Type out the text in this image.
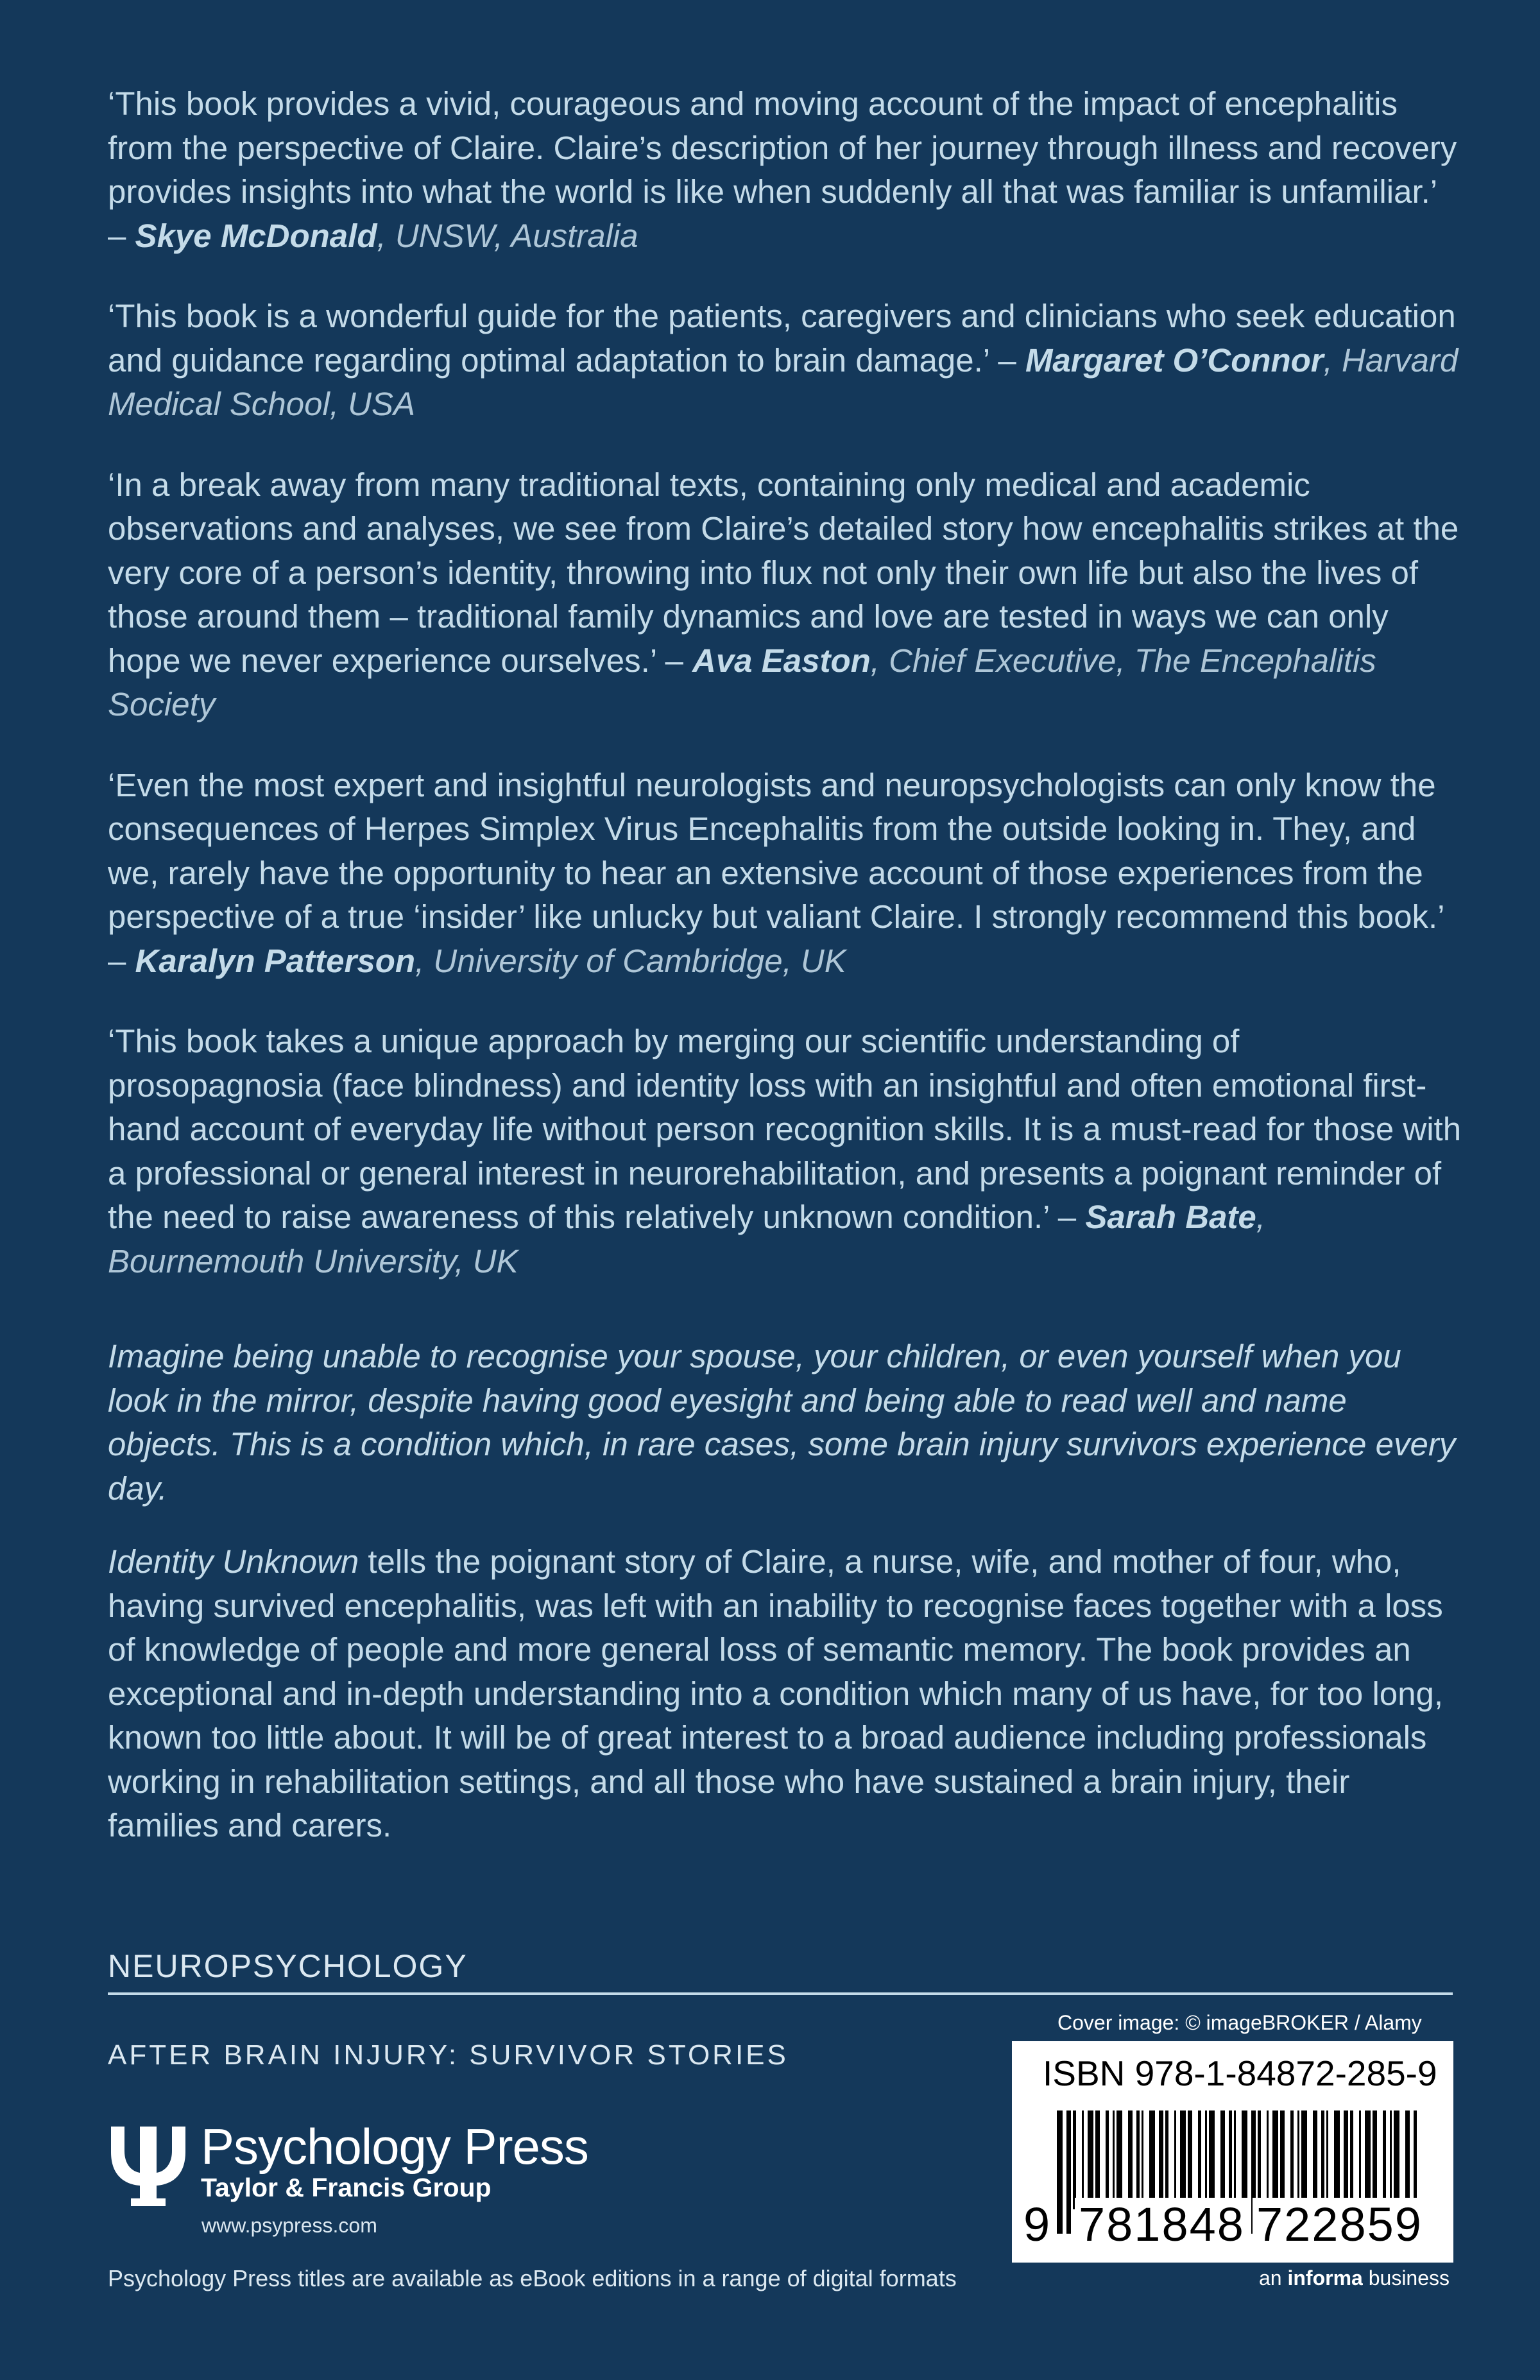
‘This book provides a vivid, courageous and moving account of the impact of encephalitis from the perspective of Claire. Claire’s description of her journey through illness and recovery provides insights into what the world is like when suddenly all that was familiar is unfamiliar.’ – Skye McDonald, UNSW, Australia

‘This book is a wonderful guide for the patients, caregivers and clinicians who seek education and guidance regarding optimal adaptation to brain damage.’ – Margaret O’Connor, Harvard Medical School, USA

‘In a break away from many traditional texts, containing only medical and academic observations and analyses, we see from Claire’s detailed story how encephalitis strikes at the very core of a person’s identity, throwing into flux not only their own life but also the lives of those around them – traditional family dynamics and love are tested in ways we can only hope we never experience ourselves.’ – Ava Easton, Chief Executive, The Encephalitis Society

‘Even the most expert and insightful neurologists and neuropsychologists can only know the consequences of Herpes Simplex Virus Encephalitis from the outside looking in. They, and we, rarely have the opportunity to hear an extensive account of those experiences from the perspective of a true ‘insider’ like unlucky but valiant Claire. I strongly recommend this book.’ – Karalyn Patterson, University of Cambridge, UK

‘This book takes a unique approach by merging our scientific understanding of prosopagnosia (face blindness) and identity loss with an insightful and often emotional first-hand account of everyday life without person recognition skills. It is a must-read for those with a professional or general interest in neurorehabilitation, and presents a poignant reminder of the need to raise awareness of this relatively unknown condition.’ – Sarah Bate, Bournemouth University, UK

Imagine being unable to recognise your spouse, your children, or even yourself when you look in the mirror, despite having good eyesight and being able to read well and name objects. This is a condition which, in rare cases, some brain injury survivors experience every day.

Identity Unknown tells the poignant story of Claire, a nurse, wife, and mother of four, who, having survived encephalitis, was left with an inability to recognise faces together with a loss of knowledge of people and more general loss of semantic memory. The book provides an exceptional and in-depth understanding into a condition which many of us have, for too long, known too little about. It will be of great interest to a broad audience including professionals working in rehabilitation settings, and all those who have sustained a brain injury, their families and carers.

NEUROPSYCHOLOGY
AFTER BRAIN INJURY: SURVIVOR STORIES
Psychology Press
Taylor & Francis Group
www.psypress.com
Psychology Press titles are available as eBook editions in a range of digital formats
Cover image: © imageBROKER / Alamy
ISBN 978-1-84872-285-9
9 781848 722859
an informa business
